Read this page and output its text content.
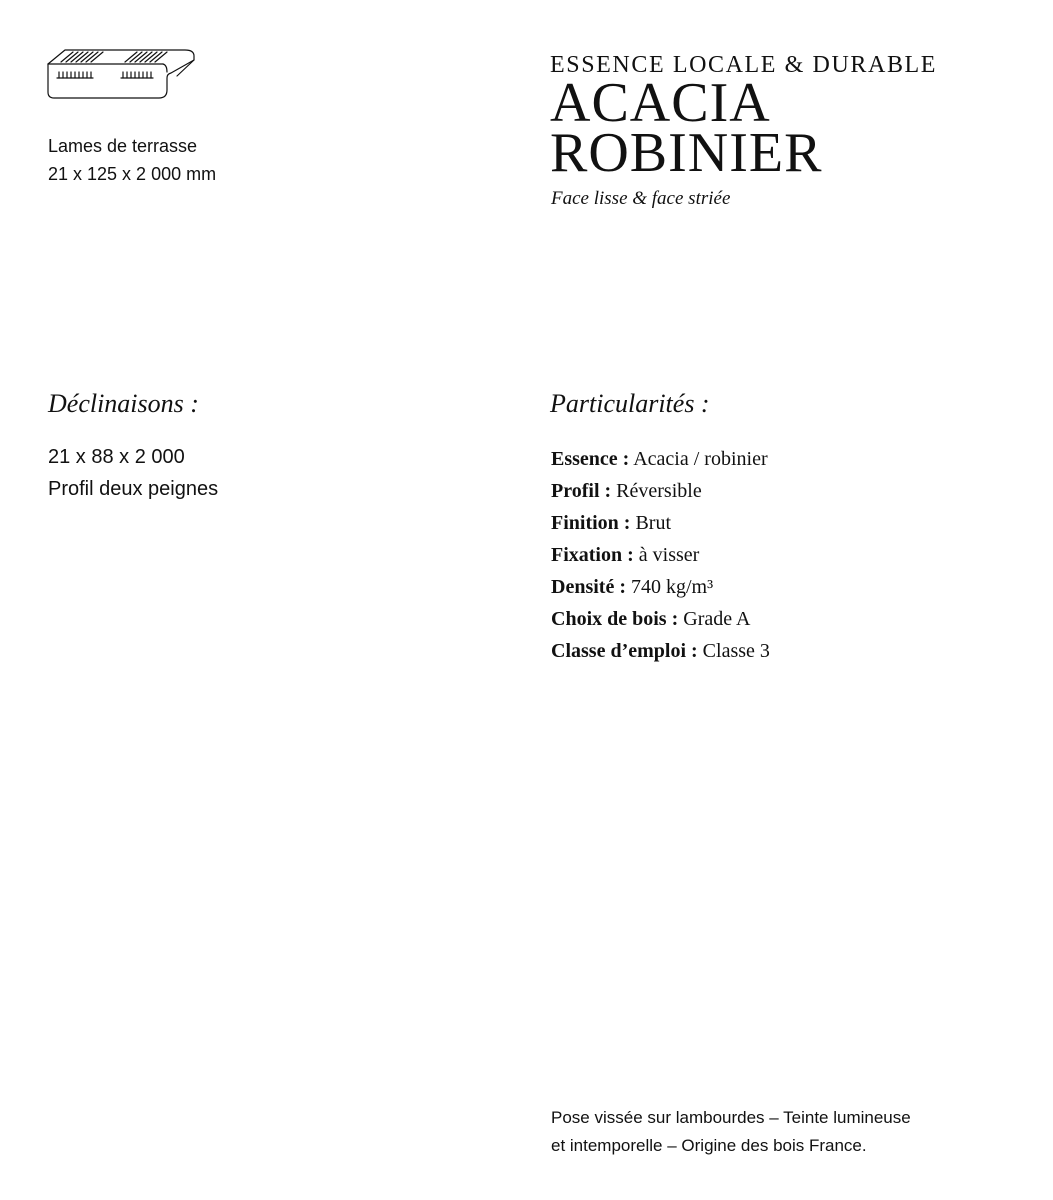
Lames de terrasse
21 x 125 x 2 000 mm
ESSENCE LOCALE & DURABLE
ACACIA
ROBINIER
Face lisse & face striée
Déclinaisons :
21 x 88 x 2 000
Profil deux peignes
Particularités :
Essence : Acacia / robinier
Profil : Réversible
Finition : Brut
Fixation : à visser
Densité : 740 kg/m³
Choix de bois : Grade A
Classe d’emploi : Classe 3
Pose vissée sur lambourdes – Teinte lumineuse
et intemporelle – Origine des bois France.
